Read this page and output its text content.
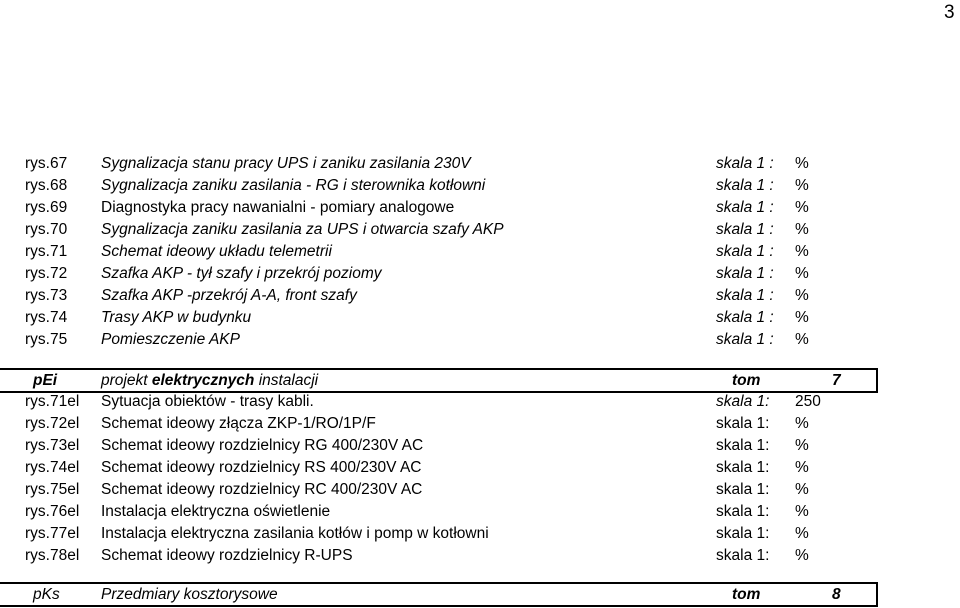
3
rys.67 Sygnalizacja stanu pracy UPS i zaniku zasilania 230V	skala 1 : %
rys.68 Sygnalizacja zaniku zasilania - RG i sterownika kotłowni	skala 1 : %
rys.69 Diagnostyka pracy nawanialni - pomiary analogowe	skala 1 : %
rys.70 Sygnalizacja zaniku zasilania za UPS i otwarcia szafy AKP	skala 1 : %
rys.71 Schemat ideowy układu telemetrii	skala 1 : %
rys.72 Szafka AKP - tył szafy i przekrój poziomy	skala 1 : %
rys.73 Szafka AKP -przekrój A-A, front szafy	skala 1 : %
rys.74 Trasy AKP w budynku	skala 1 : %
rys.75 Pomieszczenie AKP	skala 1 : %
pEi	projekt elektrycznych instalacji	tom	7
rys.71el Sytuacja obiektów - trasy kabli.	skala 1: 250
rys.72el Schemat ideowy złącza ZKP-1/RO/1P/F	skala 1: %
rys.73el Schemat ideowy rozdzielnicy RG 400/230V AC	skala 1: %
rys.74el Schemat ideowy rozdzielnicy RS 400/230V AC	skala 1: %
rys.75el Schemat ideowy rozdzielnicy RC 400/230V AC	skala 1: %
rys.76el Instalacja elektryczna oświetlenie	skala 1: %
rys.77el Instalacja elektryczna zasilania kotłów i pomp w kotłowni	skala 1: %
rys.78el Schemat ideowy rozdzielnicy R-UPS	skala 1: %
pKs	Przedmiary kosztorysowe	tom	8
